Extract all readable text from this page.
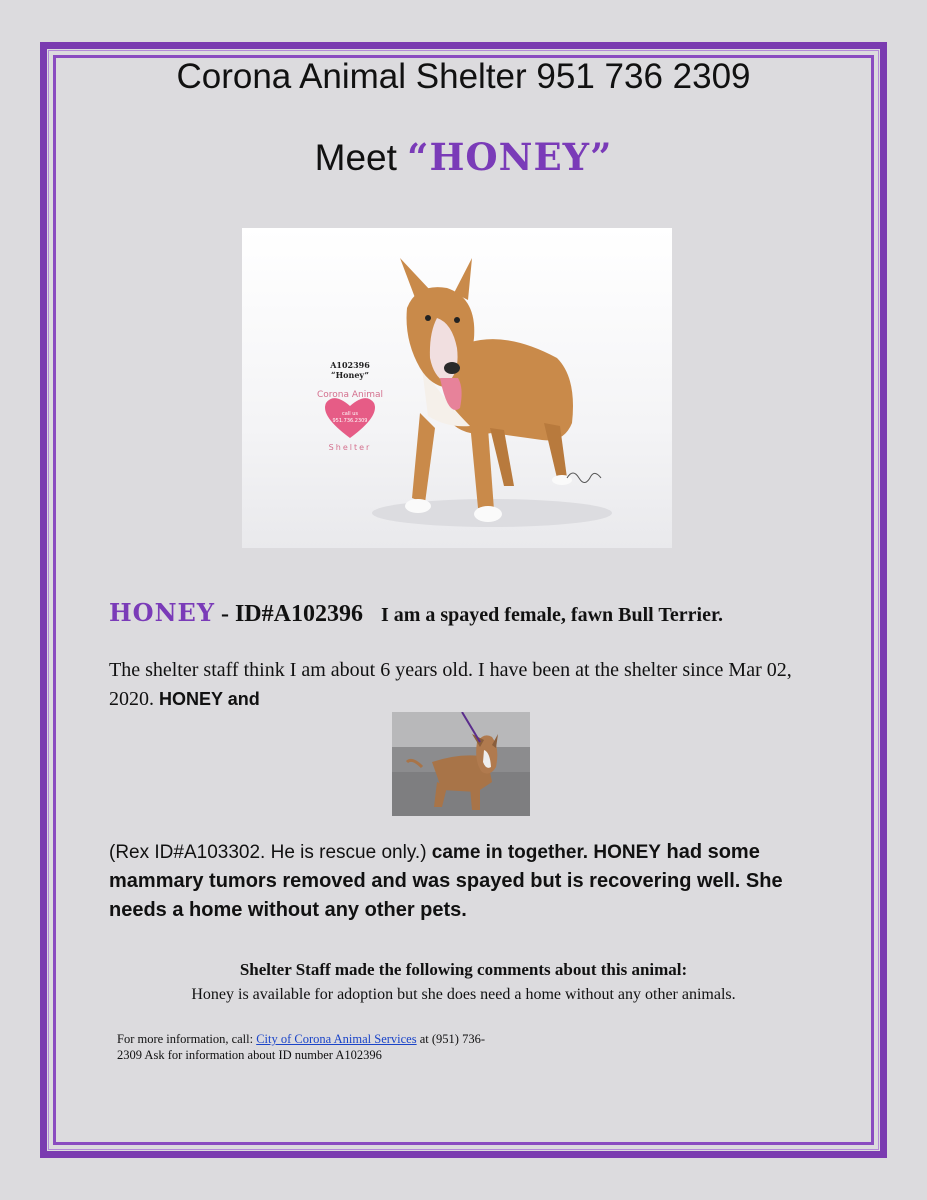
Corona Animal Shelter 951 736 2309
Meet “HONEY”
A102396
“Honey”
Corona Animal
call us
951.736.2309
Shelter
HONEY - ID#A102396 I am a spayed female, fawn Bull Terrier.
The shelter staff think I am about 6 years old. I have been at the shelter since Mar 02, 2020. HONEY and
(Rex ID#A103302. He is rescue only.) came in together. HONEY had some mammary tumors removed and was spayed but is recovering well. She needs a home without any other pets.
Shelter Staff made the following comments about this animal:
Honey is available for adoption but she does need a home without any other animals.
For more information, call: City of Corona Animal Services at (951) 736-2309 Ask for information about ID number A102396
